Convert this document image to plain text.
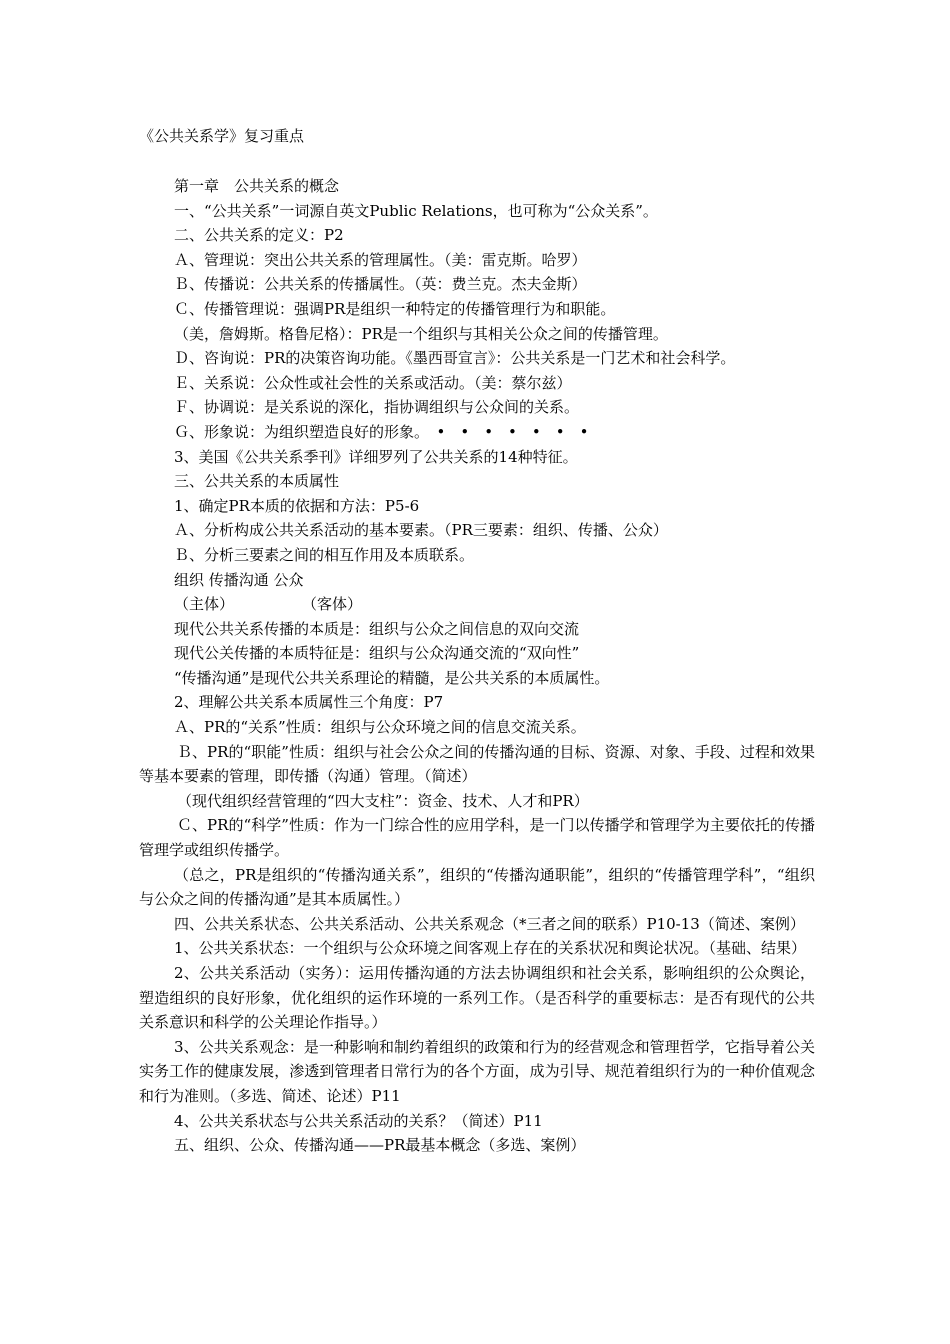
《公共关系学》复习重点
第一章　公共关系的概念
一、“公共关系”一词源自英文Public Relations，也可称为“公众关系”。
二、公共关系的定义：P2
Ａ、管理说：突出公共关系的管理属性。（美：雷克斯。哈罗）
Ｂ、传播说：公共关系的传播属性。（英：费兰克。杰夫金斯）
Ｃ、传播管理说：强调PR是组织一种特定的传播管理行为和职能。
（美，詹姆斯。格鲁尼格）：PR是一个组织与其相关公众之间的传播管理。
Ｄ、咨询说：PR的决策咨询功能。《墨西哥宣言》：公共关系是一门艺术和社会科学。
Ｅ、关系说：公众性或社会性的关系或活动。（美：蔡尔兹）
Ｆ、协调说：是关系说的深化，指协调组织与公众间的关系。
Ｇ、形象说：为组织塑造良好的形象。　•　•　•　•　•　•　•
3、美国《公共关系季刊》详细罗列了公共关系的14种特征。
三、公共关系的本质属性
1、确定PR本质的依据和方法：P5-6
Ａ、分析构成公共关系活动的基本要素。（PR三要素：组织、传播、公众）
Ｂ、分析三要素之间的相互作用及本质联系。
组织 传播沟通 公众
（主体）	（客体）
现代公共关系传播的本质是：组织与公众之间信息的双向交流
现代公关传播的本质特征是：组织与公众沟通交流的“双向性”
“传播沟通”是现代公共关系理论的精髓，是公共关系的本质属性。
2、理解公共关系本质属性三个角度：P7
Ａ、PR的“关系”性质：组织与公众环境之间的信息交流关系。
Ｂ、PR的“职能”性质：组织与社会公众之间的传播沟通的目标、资源、对象、手段、过程和效果等基本要素的管理，即传播（沟通）管理。（简述）
（现代组织经营管理的“四大支柱”：资金、技术、人才和PR）
Ｃ、PR的“科学”性质：作为一门综合性的应用学科，是一门以传播学和管理学为主要依托的传播管理学或组织传播学。
（总之，PR是组织的“传播沟通关系”，组织的“传播沟通职能”，组织的“传播管理学科”，“组织与公众之间的传播沟通”是其本质属性。）
四、公共关系状态、公共关系活动、公共关系观念（*三者之间的联系）P10-13（简述、案例）
1、公共关系状态：一个组织与公众环境之间客观上存在的关系状况和舆论状况。（基础、结果）
2、公共关系活动（实务）：运用传播沟通的方法去协调组织和社会关系，影响组织的公众舆论，塑造组织的良好形象，优化组织的运作环境的一系列工作。（是否科学的重要标志：是否有现代的公共关系意识和科学的公关理论作指导。）
3、公共关系观念：是一种影响和制约着组织的政策和行为的经营观念和管理哲学，它指导着公关实务工作的健康发展，渗透到管理者日常行为的各个方面，成为引导、规范着组织行为的一种价值观念和行为准则。（多选、简述、论述）P11
4、公共关系状态与公共关系活动的关系？（简述）P11
五、组织、公众、传播沟通——PR最基本概念（多选、案例）
